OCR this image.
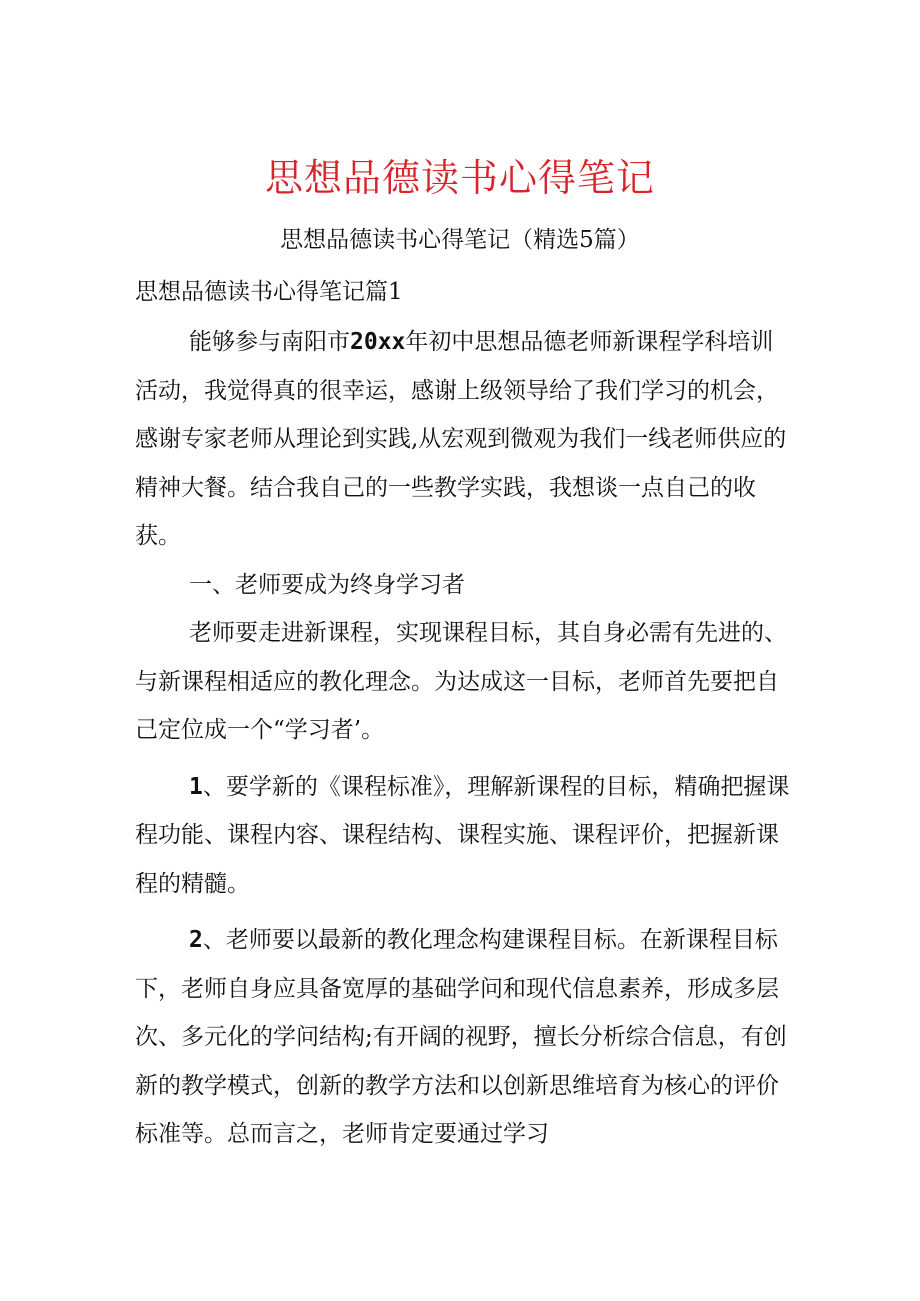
思想品德读书心得笔记
思想品德读书心得笔记（精选5篇）
思想品德读书心得笔记篇1

能够参与南阳市20xx年初中思想品德老师新课程学科培训活动，我觉得真的很幸运，感谢上级领导给了我们学习的机会，感谢专家老师从理论到实践,从宏观到微观为我们一线老师供应的精神大餐。结合我自己的一些教学实践，我想谈一点自己的收获。

一、老师要成为终身学习者

老师要走进新课程，实现课程目标，其自身必需有先进的、与新课程相适应的教化理念。为达成这一目标，老师首先要把自己定位成一个“学习者’。

1、要学新的《课程标准》，理解新课程的目标，精确把握课程功能、课程内容、课程结构、课程实施、课程评价，把握新课程的精髓。

2、老师要以最新的教化理念构建课程目标。在新课程目标下，老师自身应具备宽厚的基础学问和现代信息素养，形成多层次、多元化的学问结构;有开阔的视野，擅长分析综合信息，有创新的教学模式，创新的教学方法和以创新思维培育为核心的评价标准等。总而言之，老师肯定要通过学习
